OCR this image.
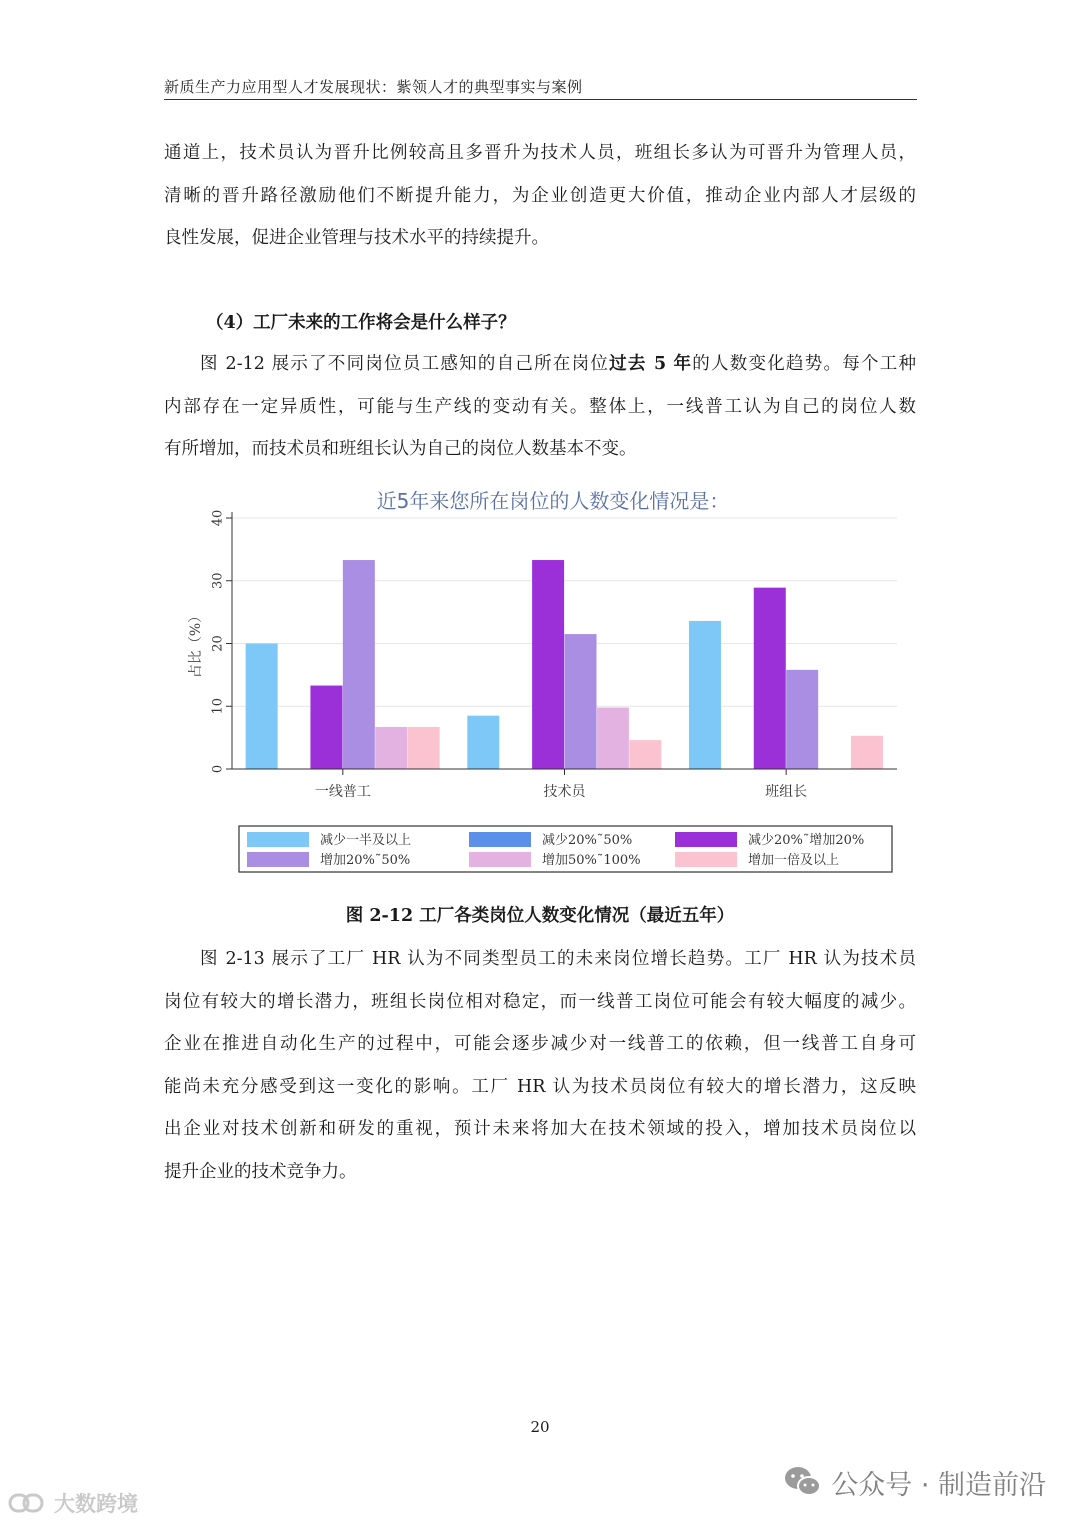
新质生产力应用型人才发展现状：紫领人才的典型事实与案例
通道上，技术员认为晋升比例较高且多晋升为技术人员，班组长多认为可晋升为管理人员，
清晰的晋升路径激励他们不断提升能力，为企业创造更大价值，推动企业内部人才层级的
良性发展，促进企业管理与技术水平的持续提升。
（4）工厂未来的工作将会是什么样子？
图 2-12 展示了不同岗位员工感知的自己所在岗位过去 5 年的人数变化趋势。每个工种
内部存在一定异质性，可能与生产线的变动有关。整体上，一线普工认为自己的岗位人数
有所增加，而技术员和班组长认为自己的岗位人数基本不变。
近5年来您所在岗位的人数变化情况是：
0
10
20
30
40
一线普工	技术员	班组长
占比（%）
减少一半及以上	减少20%˜50%	减少20%˜增加20%
增加20%˜50%	增加50%˜100%	增加一倍及以上
图 2-12 工厂各类岗位人数变化情况（最近五年）
图 2-13 展示了工厂 HR 认为不同类型员工的未来岗位增长趋势。工厂 HR 认为技术员
岗位有较大的增长潜力，班组长岗位相对稳定，而一线普工岗位可能会有较大幅度的减少。
企业在推进自动化生产的过程中，可能会逐步减少对一线普工的依赖，但一线普工自身可
能尚未充分感受到这一变化的影响。工厂 HR 认为技术员岗位有较大的增长潜力，这反映
出企业对技术创新和研发的重视，预计未来将加大在技术领域的投入，增加技术员岗位以
提升企业的技术竞争力。
20
公众号 · 制造前沿
大数跨境
